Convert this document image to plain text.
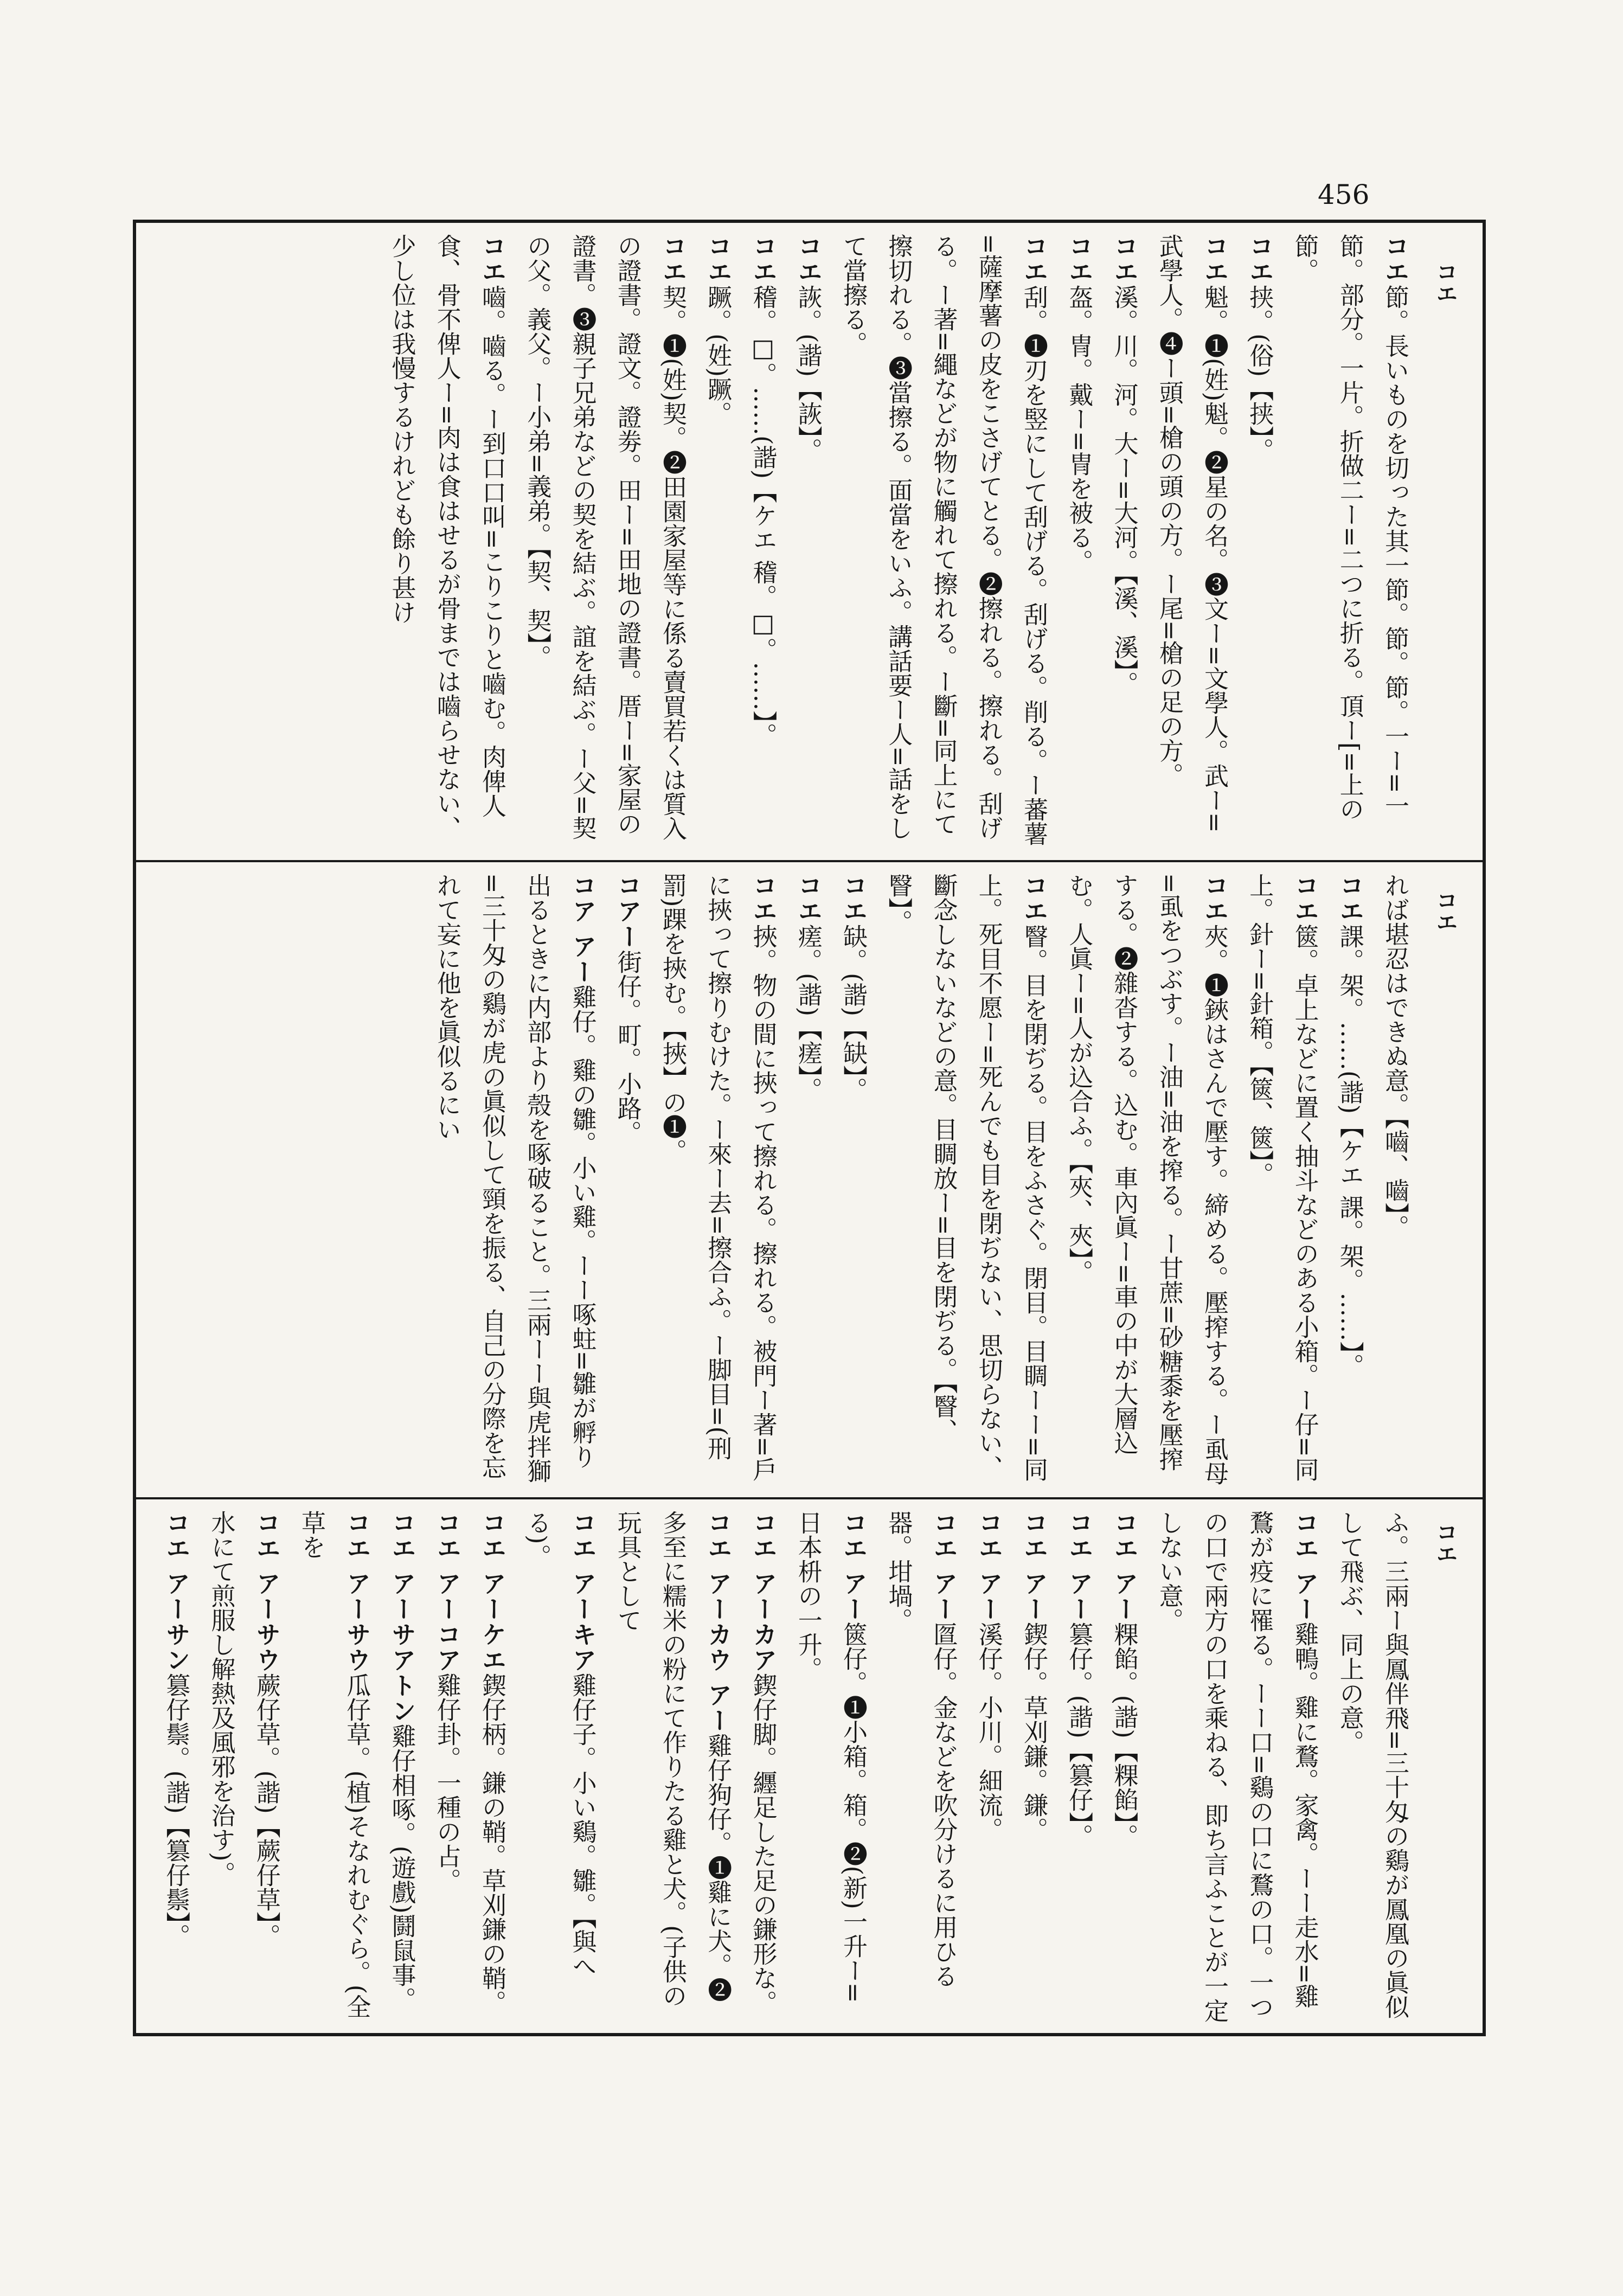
456
コエ

コエ節。長いものを切った其一節。節。節。一ー=一節。部分。一片。折做二ー=二つに折る。頂ー[=上の節。

コエ挟。(俗)【挟】。

コエ魁。❶(姓)魁。❷星の名。❸文ー=文學人。武ー=武學人。❹ー頭=槍の頭の方。ー尾=槍の足の方。

コエ溪。川。河。大ー=大河。【溪、溪】。

コエ盔。冑。戴ー=冑を被る。

コエ刮。❶刃を竪にして刮げる。刮げる。削る。ー蕃薯=薩摩薯の皮をこさげてとる。❷擦れる。擦れる。刮げる。ー著=繩などが物に觸れて擦れる。ー斷=同上にて擦切れる。❸當擦る。面當をいふ。講話要ー人=話をして當擦る。

コエ詼。(諧)【詼】。

コエ稽。□。……(諧)【ケエ 稽。□。……】。

コエ蹶。(姓)蹶。

コエ契。❶(姓)契。❷田園家屋等に係る賣買若くは質入の證書。證文。證劵。田ー=田地の證書。厝ー=家屋の證書。❸親子兄弟などの契を結ぶ。誼を結ぶ。ー父=契の父。義父。ー小弟=義弟。【契、契】。

コエ嚙。嚙る。ー到口口叫=こりこりと嚙む。肉俾人食、骨不俾人ー=肉は食はせるが骨までは嚙らせない、少し位は我慢するけれども餘り甚け

コエ

れば堪忍はできぬ意。【嚙、嚙】。

コエ課。架。……(諧)【ケエ 課。架。……】。

コエ篋。卓上などに置く抽斗などのある小箱。ー仔=同上。針ー=針箱。【篋、篋】。

コエ夾。❶鋏はさんで壓す。締める。壓搾する。ー虱母=虱をつぶす。ー油=油を搾る。ー甘蔗=砂糖黍を壓搾する。❷雜沓する。込む。車內眞ー=車の中が大層込む。人眞ー=人が込合ふ。【夾、夾】。

コエ瞖。目を閉ぢる。目をふさぐ。閉目。目睭ーー=同上。死目不愿ー=死んでも目を閉ぢない、思切らない、斷念しないなどの意。目睭放ー=目を閉ぢる。【瞖、瞖】。

コエ缺。(諧)【缺】。

コエ瘥。(諧)【瘥】。

コエ挾。物の間に挾って擦れる。擦れる。被門ー著=戶に挾って擦りむけた。ー來ー去=擦合ふ。ー脚目=(刑罰)踝を挾む。【挾】の❶。

コアー街仔。町。小路。

コア アー雞仔。雞の雛。小い雞。ーー啄蛀=雛が孵り出るときに内部より殼を啄破ること。三兩ーー與虎拌獅=三十匁の鷄が虎の眞似して頸を振る、自己の分際を忘れて妄に他を眞似るにい

コエ

ふ。三兩ー與鳳伴飛=三十匁の鷄が鳳凰の眞似して飛ぶ、同上の意。

コエ アー雞鴨。雞に鶩。家禽。ーー走水=雞鶩が疫に罹る。ーー口=鷄の口に鶩の口。一つの口で兩方の口を乘ねる、即ち言ふことが一定しない意。

コエ アー粿餡。(諧)【粿餡】。

コエ アー篡仔。(諧)【篡仔】。

コエ アー鍥仔。草刈鎌。鎌。

コエ アー溪仔。小川。細流。

コエ アー匫仔。金などを吹分けるに用ひる器。坩堝。

コエ アー篋仔。❶小箱。箱。❷(新)一升ー=日本枡の一升。

コエ アーカア鍥仔脚。纒足した足の鎌形な。

コエ アーカウ アー雞仔狗仔。❶雞に犬。❷多至に糯米の粉にて作りたる雞と犬。(子供の玩具として

コエ アーキア雞仔子。小い鷄。雛。【與へる)。

コエ アーケエ鍥仔柄。鎌の鞘。草刈鎌の鞘。

コエ アーコア雞仔卦。一種の占。

コエ アーサアトン雞仔相啄。(遊戲)鬪鼠事。

コエ アーサウ瓜仔草。(植)そなれむぐら。(全草を

コエ アーサウ蕨仔草。(諧)【蕨仔草】。

水にて煎服し解熱及風邪を治す)。

コエ アーサン篡仔鬃。(諧)【篡仔鬃】。
